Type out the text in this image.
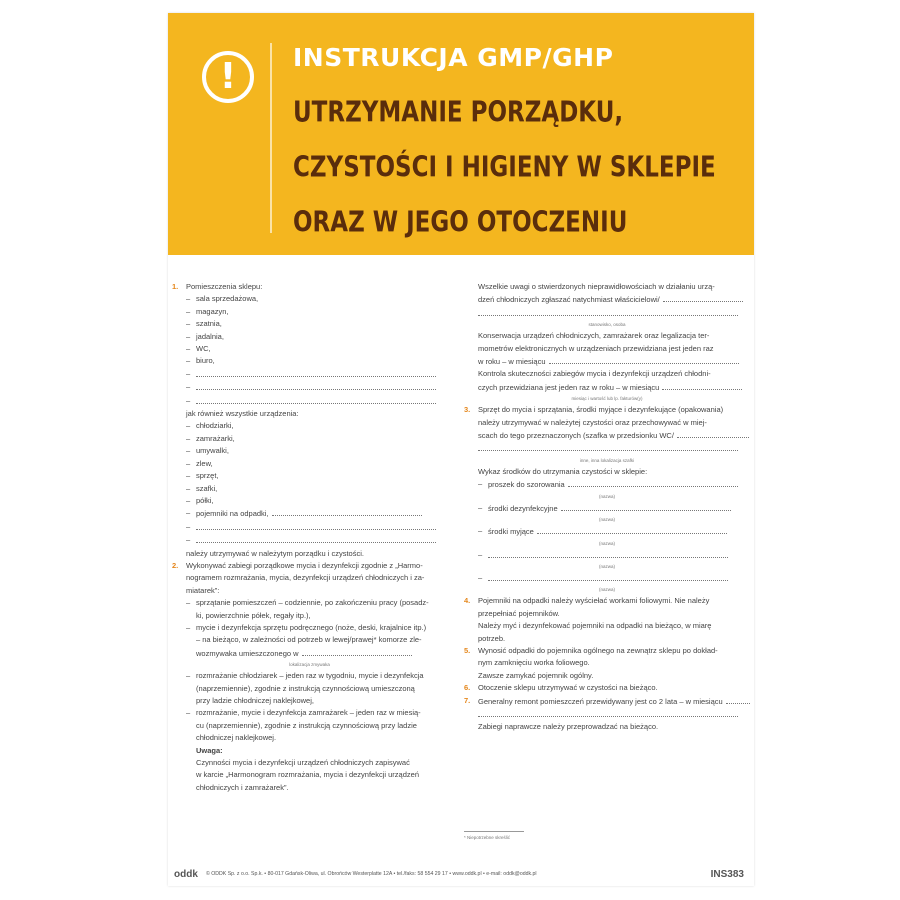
!	INSTRUKCJA GMP/GHP
UTRZYMANIE PORZĄDKU,
CZYSTOŚCI I HIGIENY W SKLEPIE
ORAZ W JEGO OTOCZENIU
1. Pomieszczenia sklepu:
– sala sprzedażowa,
– magazyn,
– szatnia,
– jadalnia,
– WC,
– biuro,
–
–
–
jak również wszystkie urządzenia:
– chłodziarki,
– zamrażarki,
– umywalki,
– zlew,
– sprzęt,
– szafki,
– półki,
– pojemniki na odpadki,
–
–
należy utrzymywać w należytym porządku i czystości.
2. Wykonywać zabiegi porządkowe mycia i dezynfekcji zgodnie z „Harmo-
nogramem rozmrażania, mycia, dezynfekcji urządzeń chłodniczych i za-
miatarek”:
– sprzątanie pomieszczeń – codziennie, po zakończeniu pracy (posadz-
ki, powierzchnie półek, regały itp.),
– mycie i dezynfekcja sprzętu podręcznego (noże, deski, krajalnice itp.)
– na bieżąco, w zależności od potrzeb w lewej/prawej* komorze zle-
wozmywaka umieszczonego w
lokalizacja zmywaka
– rozmrażanie chłodziarek – jeden raz w tygodniu, mycie i dezynfekcja
(naprzemiennie), zgodnie z instrukcją czynnościową umieszczoną
przy ladzie chłodniczej naklejkowej,
– rozmrażanie, mycie i dezynfekcja zamrażarek – jeden raz w miesią-
cu (naprzemiennie), zgodnie z instrukcją czynnościową przy ladzie
chłodniczej naklejkowej.
Uwaga:
Czynności mycia i dezynfekcji urządzeń chłodniczych zapisywać
w karcie „Harmonogram rozmrażania, mycia i dezynfekcji urządzeń
chłodniczych i zamrażarek”.
Wszelkie uwagi o stwierdzonych nieprawidłowościach w działaniu urzą-
dzeń chłodniczych zgłaszać natychmiast właścicielowi/
stanowisko, osoba
Konserwacja urządzeń chłodniczych, zamrażarek oraz legalizacja ter-
mometrów elektronicznych w urządzeniach przewidziana jest jeden raz
w roku – w miesiącu
Kontrola skuteczności zabiegów mycia i dezynfekcji urządzeń chłodni-
czych przewidziana jest jeden raz w roku – w miesiącu
miesiąc i wartość lub lp. fakturów(y)
3. Sprzęt do mycia i sprzątania, środki myjące i dezynfekujące (opakowania)
należy utrzymywać w należytej czystości oraz przechowywać w miej-
scach do tego przeznaczonych (szafka w przedsionku WC/
inne, inna lokalizacja szafki
Wykaz środków do utrzymania czystości w sklepie:
– proszek do szorowania
(nazwa)
– środki dezynfekcyjne
(nazwa)
– środki myjące
(nazwa)
–
(nazwa)
–
(nazwa)
4. Pojemniki na odpadki należy wyściełać workami foliowymi. Nie należy
przepełniać pojemników.
Należy myć i dezynfekować pojemniki na odpadki na bieżąco, w miarę
potrzeb.
5. Wynosić odpadki do pojemnika ogólnego na zewnątrz sklepu po dokład-
nym zamknięciu worka foliowego.
Zawsze zamykać pojemnik ogólny.
6. Otoczenie sklepu utrzymywać w czystości na bieżąco.
7. Generalny remont pomieszczeń przewidywany jest co 2 lata – w miesiącu
Zabiegi naprawcze należy przeprowadzać na bieżąco.
* Niepotrzebne skreślić
oddk © ODDK Sp. z o.o. Sp.k. • 80-017 Gdańsk-Oliwa, ul. Obrońców Westerplatte 12A • tel./faks: 58 554 29 17 • www.oddk.pl • e-mail: oddk@oddk.pl	INS383
